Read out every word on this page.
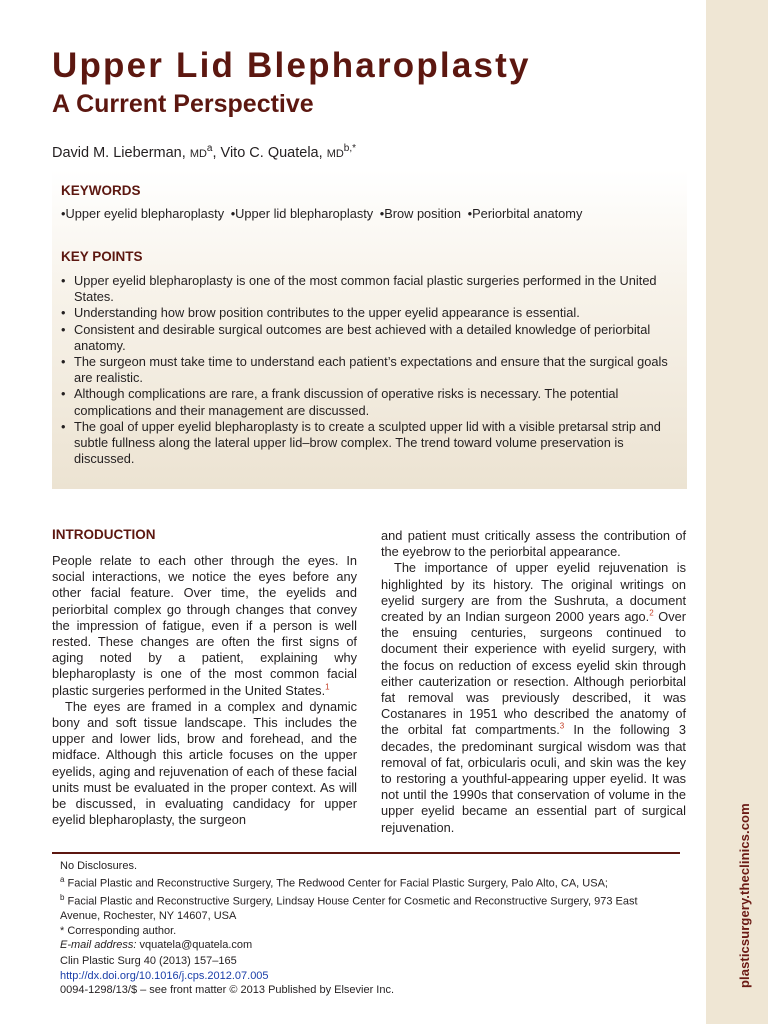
plasticsurgery.theclinics.com
Upper Lid Blepharoplasty
A Current Perspective
David M. Lieberman, $MD^a$, Vito C. Quatela, $MD^{b,*}$
KEYWORDS
• Upper eyelid blepharoplasty • Upper lid blepharoplasty • Brow position • Periorbital anatomy
KEY POINTS
• Upper eyelid blepharoplasty is one of the most common facial plastic surgeries performed in the United States.
• Understanding how brow position contributes to the upper eyelid appearance is essential.
• Consistent and desirable surgical outcomes are best achieved with a detailed knowledge of periorbital anatomy.
• The surgeon must take time to understand each patient’s expectations and ensure that the surgical goals are realistic.
• Although complications are rare, a frank discussion of operative risks is necessary. The potential complications and their management are discussed.
• The goal of upper eyelid blepharoplasty is to create a sculpted upper lid with a visible pretarsal strip and subtle fullness along the lateral upper lid–brow complex. The trend toward volume preservation is discussed.
INTRODUCTION

People relate to each other through the eyes. In social interactions, we notice the eyes before any other facial feature. Over time, the eyelids and periorbital complex go through changes that convey the impression of fatigue, even if a person is well rested. These changes are often the first signs of aging noted by a patient, explaining why blepharoplasty is one of the most common facial plastic surgeries performed in the United States.$^1$

The eyes are framed in a complex and dynamic bony and soft tissue landscape. This includes the upper and lower lids, brow and forehead, and the midface. Although this article focuses on the upper eyelids, aging and rejuvenation of each of these facial units must be evaluated in the proper context. As will be discussed, in evaluating candidacy for upper eyelid blepharoplasty, the surgeon

and patient must critically assess the contribution of the eyebrow to the periorbital appearance.

The importance of upper eyelid rejuvenation is highlighted by its history. The original writings on eyelid surgery are from the Sushruta, a document created by an Indian surgeon 2000 years ago.$^2$ Over the ensuing centuries, surgeons continued to document their experience with eyelid surgery, with the focus on reduction of excess eyelid skin through either cauterization or resection. Although periorbital fat removal was previously described, it was Costanares in 1951 who described the anatomy of the orbital fat compartments.$^3$ In the following 3 decades, the predominant surgical wisdom was that removal of fat, orbicularis oculi, and skin was the key to restoring a youthful-appearing upper eyelid. It was not until the 1990s that conservation of volume in the upper eyelid became an essential part of surgical rejuvenation.

No Disclosures.

$^a$ Facial Plastic and Reconstructive Surgery, The Redwood Center for Facial Plastic Surgery, Palo Alto, CA, USA;

$^b$ Facial Plastic and Reconstructive Surgery, Lindsay House Center for Cosmetic and Reconstructive Surgery, 973 East Avenue, Rochester, NY 14607, USA

* Corresponding author.

E-mail address: vquatela@quatela.com

Clin Plastic Surg 40 (2013) 157–165

http://dx.doi.org/10.1016/j.cps.2012.07.005

0094-1298/13/$ – see front matter © 2013 Published by Elsevier Inc.
